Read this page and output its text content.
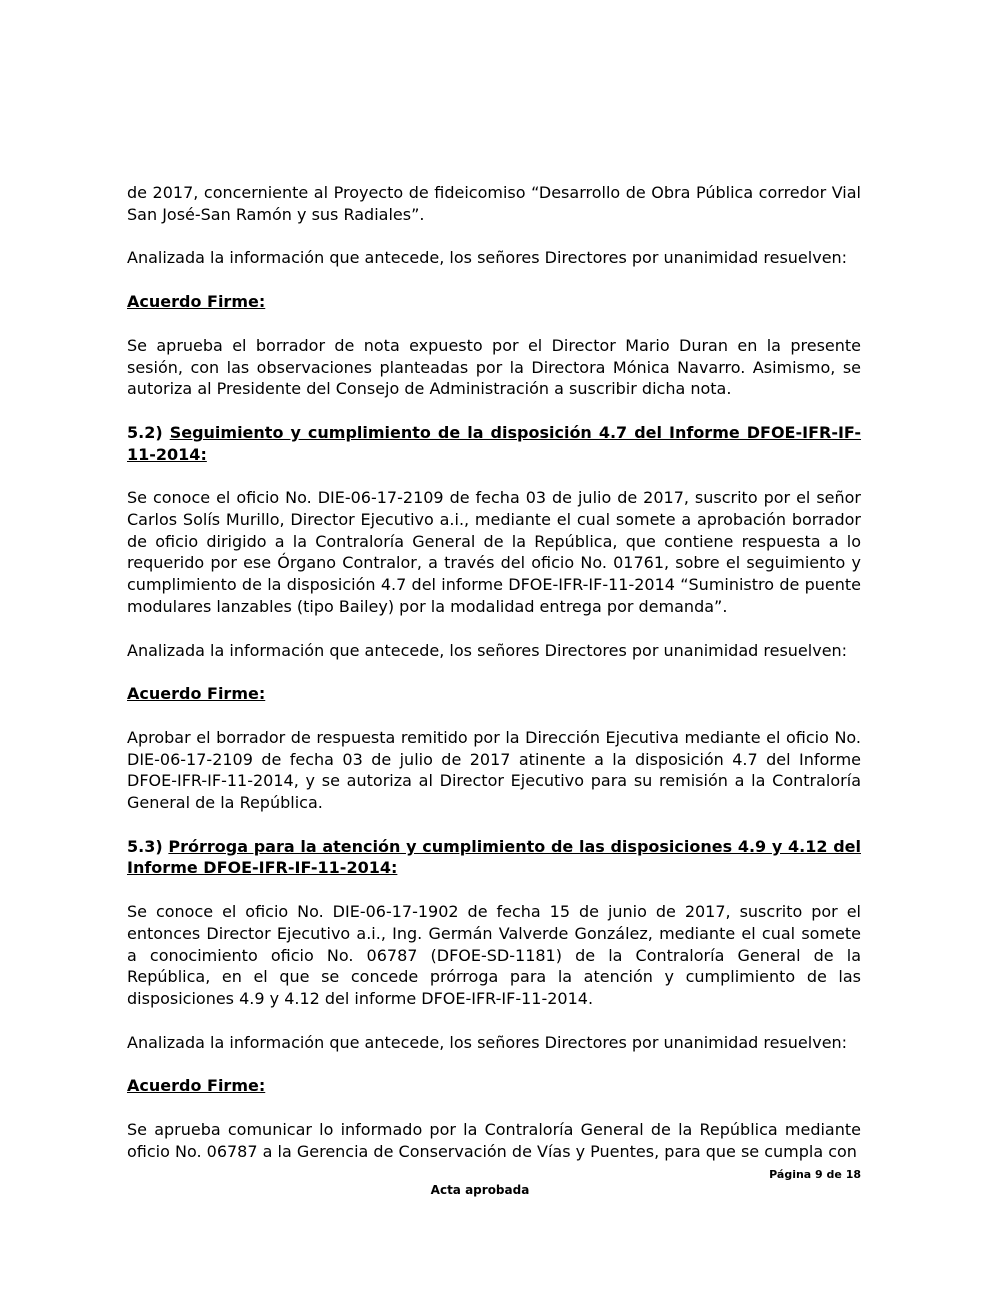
de 2017, concerniente al Proyecto de fideicomiso “Desarrollo de Obra Pública corredor Vial San José-San Ramón y sus Radiales”.

Analizada la información que antecede, los señores Directores por unanimidad resuelven:

Acuerdo Firme:

Se aprueba el borrador de nota expuesto por el Director Mario Duran en la presente sesión, con las observaciones planteadas por la Directora Mónica Navarro. Asimismo, se autoriza al Presidente del Consejo de Administración a suscribir dicha nota.

5.2) Seguimiento y cumplimiento de la disposición 4.7 del Informe DFOE-IFR-IF-11-2014:

Se conoce el oficio No. DIE-06-17-2109 de fecha 03 de julio de 2017, suscrito por el señor Carlos Solís Murillo, Director Ejecutivo a.i., mediante el cual somete a aprobación borrador de oficio dirigido a la Contraloría General de la República, que contiene respuesta a lo requerido por ese Órgano Contralor, a través del oficio No. 01761, sobre el seguimiento y cumplimiento de la disposición 4.7 del informe DFOE-IFR-IF-11-2014 “Suministro de puente modulares lanzables (tipo Bailey) por la modalidad entrega por demanda”.

Analizada la información que antecede, los señores Directores por unanimidad resuelven:

Acuerdo Firme:

Aprobar el borrador de respuesta remitido por la Dirección Ejecutiva mediante el oficio No. DIE-06-17-2109 de fecha 03 de julio de 2017 atinente a la disposición 4.7 del Informe DFOE-IFR-IF-11-2014, y se autoriza al Director Ejecutivo para su remisión a la Contraloría General de la República.

5.3) Prórroga para la atención y cumplimiento de las disposiciones 4.9 y 4.12 del Informe DFOE-IFR-IF-11-2014:

Se conoce el oficio No. DIE-06-17-1902 de fecha 15 de junio de 2017, suscrito por el entonces Director Ejecutivo a.i., Ing. Germán Valverde González, mediante el cual somete a conocimiento oficio No. 06787 (DFOE-SD-1181) de la Contraloría General de la República, en el que se concede prórroga para la atención y cumplimiento de las disposiciones 4.9 y 4.12 del informe DFOE-IFR-IF-11-2014.

Analizada la información que antecede, los señores Directores por unanimidad resuelven:

Acuerdo Firme:

Se aprueba comunicar lo informado por la Contraloría General de la República mediante oficio No. 06787 a la Gerencia de Conservación de Vías y Puentes, para que se cumpla con

Página 9 de 18
Acta aprobada
